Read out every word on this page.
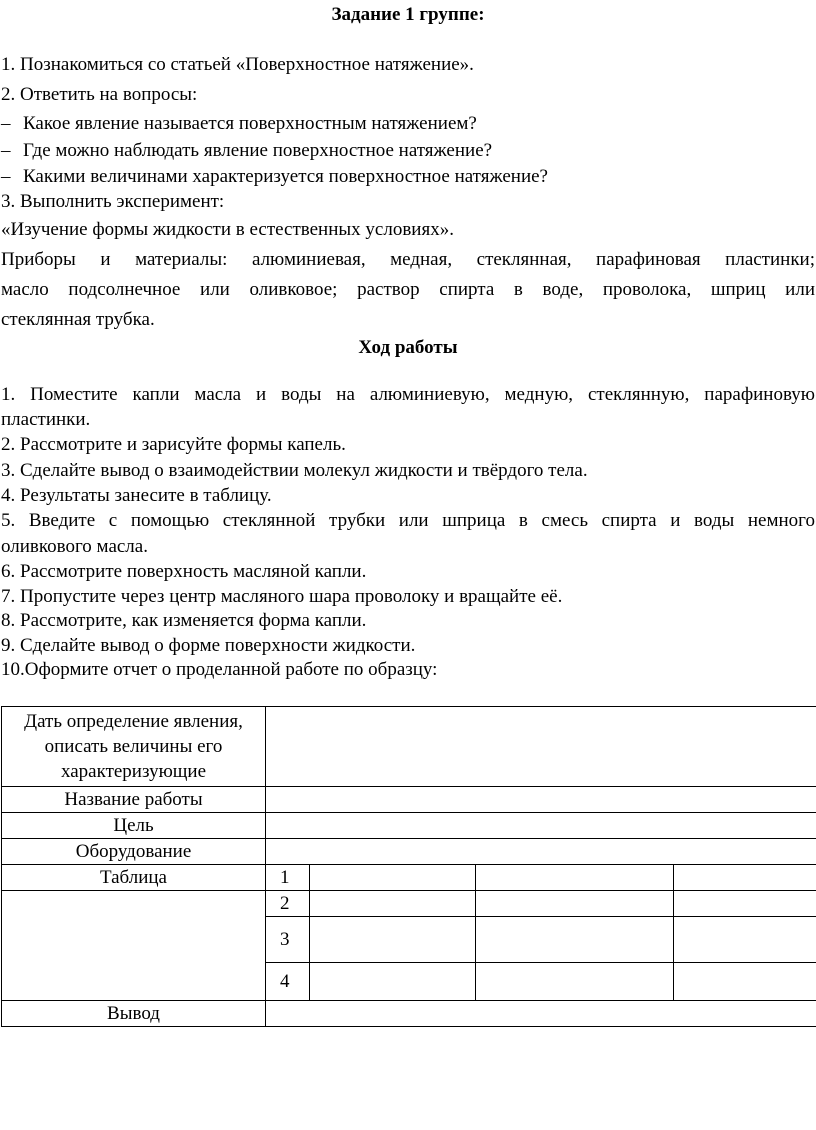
Задание 1 группе:
1. Познакомиться со статьей «Поверхностное натяжение».
2. Ответить на вопросы:
– Какое явление называется поверхностным натяжением?
– Где можно наблюдать явление поверхностное натяжение?
– Какими величинами характеризуется поверхностное натяжение?
3. Выполнить эксперимент:
«Изучение формы жидкости в естественных условиях».
Приборы и материалы: алюминиевая, медная, стеклянная, парафиновая пластинки;
масло подсолнечное или оливковое; раствор спирта в воде, проволока, шприц или
стеклянная трубка.
Ход работы
1. Поместите капли масла и воды на алюминиевую, медную, стеклянную, парафиновую
пластинки.
2. Рассмотрите и зарисуйте формы капель.
3. Сделайте вывод о взаимодействии молекул жидкости и твёрдого тела.
4. Результаты занесите в таблицу.
5. Введите с помощью стеклянной трубки или шприца в смесь спирта и воды немного
оливкового масла.
6. Рассмотрите поверхность масляной капли.
7. Пропустите через центр масляного шара проволоку и вращайте её.
8. Рассмотрите, как изменяется форма капли.
9. Сделайте вывод о форме поверхности жидкости.
10.Оформите отчет о проделанной работе по образцу:
Дать определение явления, описать величины его характеризующие				
Название работы				
Цель				
Оборудование				
Таблица	1			
	2			
	3			
	4			
Вывод				
